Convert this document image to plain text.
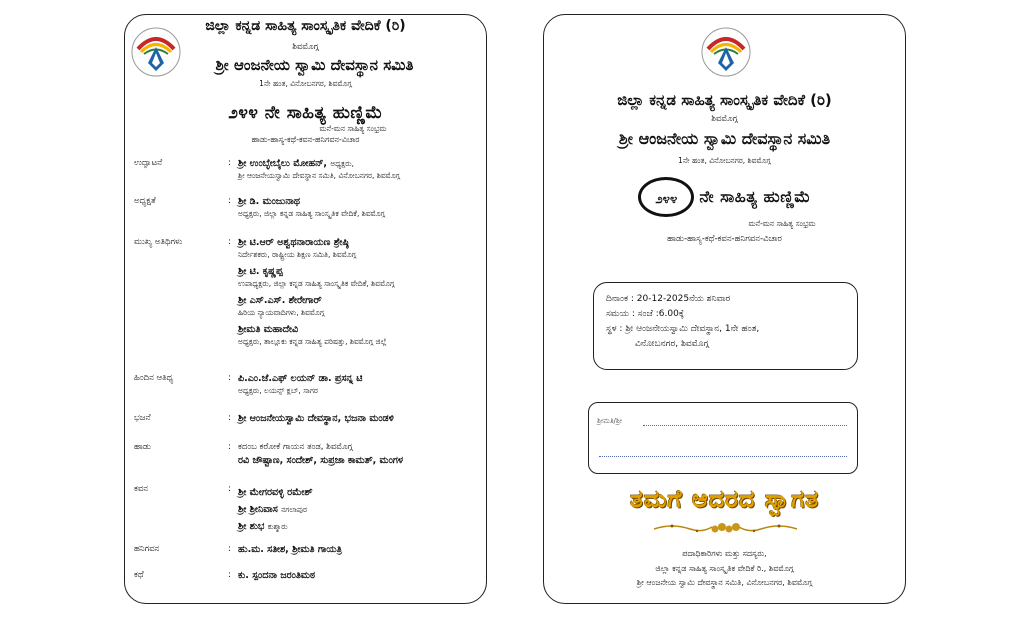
ಜಿಲ್ಲಾ ಕನ್ನಡ ಸಾಹಿತ್ಯ ಸಾಂಸ್ಕೃತಿಕ ವೇದಿಕೆ (ರಿ)
ಶಿವಮೊಗ್ಗ
ಶ್ರೀ ಆಂಜನೇಯ ಸ್ವಾಮಿ ದೇವಸ್ಥಾನ ಸಮಿತಿ
1ನೇ ಹಂತ, ವಿನೋಬನಗರ, ಶಿವಮೊಗ್ಗ
೨೪೪ ನೇ ಸಾಹಿತ್ಯ ಹುಣ್ಣಿಮೆ
ಮನೆ-ಮನ ಸಾಹಿತ್ಯ ಸಂಭ್ರಮ
ಹಾಡು-ಹಾಸ್ಯ-ಕಥೆ-ಕವನ-ಹನಿಗವನ-ವಿಚಾರ
ಉದ್ಘಾಟನೆ	: ಶ್ರೀ ಉಂಬ್ಳೇಬೈಲು ಮೋಹನ್, ಅಧ್ಯಕ್ಷರು,
ಶ್ರೀ ಆಂಜನೇಯಸ್ವಾಮಿ ದೇವಸ್ಥಾನ ಸಮಿತಿ, ವಿನೋಬನಗರ, ಶಿವಮೊಗ್ಗ
ಅಧ್ಯಕ್ಷತೆ	: ಶ್ರೀ ಡಿ. ಮಂಜುನಾಥ
ಅಧ್ಯಕ್ಷರು, ಜಿಲ್ಲಾ ಕನ್ನಡ ಸಾಹಿತ್ಯ ಸಾಂಸ್ಕೃತಿಕ ವೇದಿಕೆ, ಶಿವಮೊಗ್ಗ
ಮುಖ್ಯ ಅತಿಥಿಗಳು	: ಶ್ರೀ ಟಿ.ಆರ್ ಅಶ್ವಥನಾರಾಯಣ ಶ್ರೇಷ್ಠಿ
ನಿರ್ದೇಶಕರು, ರಾಷ್ಟ್ರೀಯ ಶಿಕ್ಷಣ ಸಮಿತಿ, ಶಿವಮೊಗ್ಗ
ಶ್ರೀ ಟಿ. ಕೃಷ್ಣಪ್ಪ
ಉಪಾಧ್ಯಕ್ಷರು, ಜಿಲ್ಲಾ ಕನ್ನಡ ಸಾಹಿತ್ಯ ಸಾಂಸ್ಕೃತಿಕ ವೇದಿಕೆ, ಶಿವಮೊಗ್ಗ
ಶ್ರೀ ಎಸ್.ಎಸ್. ಶೇರೇಗಾರ್
ಹಿರಿಯ ನ್ಯಾಯವಾದಿಗಳು, ಶಿವಮೊಗ್ಗ
ಶ್ರೀಮತಿ ಮಹಾದೇವಿ
ಅಧ್ಯಕ್ಷರು, ತಾಲ್ಲೂಕು ಕನ್ನಡ ಸಾಹಿತ್ಯ ಪರಿಷತ್ತು, ಶಿವಮೊಗ್ಗ ಜಿಲ್ಲೆ
ಹಿಂದಿನ ಆತಿಥ್ಯ	: ಪಿ.ಎಂ.ಜೆ.ಎಫ್ ಲಯನ್ ಡಾ. ಪ್ರಸನ್ನ ಟಿ
ಅಧ್ಯಕ್ಷರು, ಲಯನ್ಸ್ ಕ್ಲಬ್, ಸಾಗರ
ಭಜನೆ	: ಶ್ರೀ ಆಂಜನೇಯಸ್ವಾಮಿ ದೇವಸ್ಥಾನ, ಭಜನಾ ಮಂಡಳಿ
ಹಾಡು	: ಕದಂಬ ಕರೋಕೆ ಗಾಯನ ತಂಡ, ಶಿವಮೊಗ್ಗ
ರವಿ ಜೌಷ್ಟಾಣ, ಸಂದೇಶ್, ಸುಪ್ರಜಾ ಕಾಮತ್, ಮಂಗಳ
ಕವನ	: ಶ್ರೀ ಮೇಗರವಳ್ಳಿ ರಮೇಶ್
ಶ್ರೀ ಶ್ರೀನಿವಾಸ ನಗಲಾಪುರ
ಶ್ರೀ ಶುಭ ಕುಶ್ಮಾರು
ಹನಿಗವನ	: ಹು.ಮ. ಸತೀಶ, ಶ್ರೀಮತಿ ಗಾಯತ್ರಿ
ಕಥೆ	: ಕು. ಸ್ಪಂದನಾ ಜರಂತಿಮಠ
ಜಿಲ್ಲಾ ಕನ್ನಡ ಸಾಹಿತ್ಯ ಸಾಂಸ್ಕೃತಿಕ ವೇದಿಕೆ (ರಿ)
ಶಿವಮೊಗ್ಗ
ಶ್ರೀ ಆಂಜನೇಯ ಸ್ವಾಮಿ ದೇವಸ್ಥಾನ ಸಮಿತಿ
1ನೇ ಹಂತ, ವಿನೋಬನಗರ, ಶಿವಮೊಗ್ಗ
೨೪೪ ನೇ ಸಾಹಿತ್ಯ ಹುಣ್ಣಿಮೆ
ಮನೆ-ಮನ ಸಾಹಿತ್ಯ ಸಂಭ್ರಮ
ಹಾಡು-ಹಾಸ್ಯ-ಕಥೆ-ಕವನ-ಹನಿಗವನ-ವಿಚಾರ
ದಿನಾಂಕ : 20-12-2025ನೆಯ ಶನಿವಾರ
ಸಮಯ : ಸಂಜೆ :6.00ಕ್ಕೆ
ಸ್ಥಳ : ಶ್ರೀ ಆಂಜನೇಯಸ್ವಾಮಿ ದೇವಸ್ಥಾನ, 1ನೇ ಹಂತ,
ವಿನೋಬನಗರ, ಶಿವಮೊಗ್ಗ
ಶ್ರೀಮತಿ/ಶ್ರೀ
ತಮಗೆ ಆದರದ ಸ್ವಾಗತ
ಪದಾಧಿಕಾರಿಗಳು ಮತ್ತು ಸದಸ್ಯರು,
ಜಿಲ್ಲಾ ಕನ್ನಡ ಸಾಹಿತ್ಯ ಸಾಂಸ್ಕೃತಿಕ ವೇದಿಕೆ ರಿ., ಶಿವಮೊಗ್ಗ
ಶ್ರೀ ಆಂಜನೇಯ ಸ್ವಾಮಿ ದೇವಸ್ಥಾನ ಸಮಿತಿ, ವಿನೋಬನಗರ, ಶಿವಮೊಗ್ಗ
